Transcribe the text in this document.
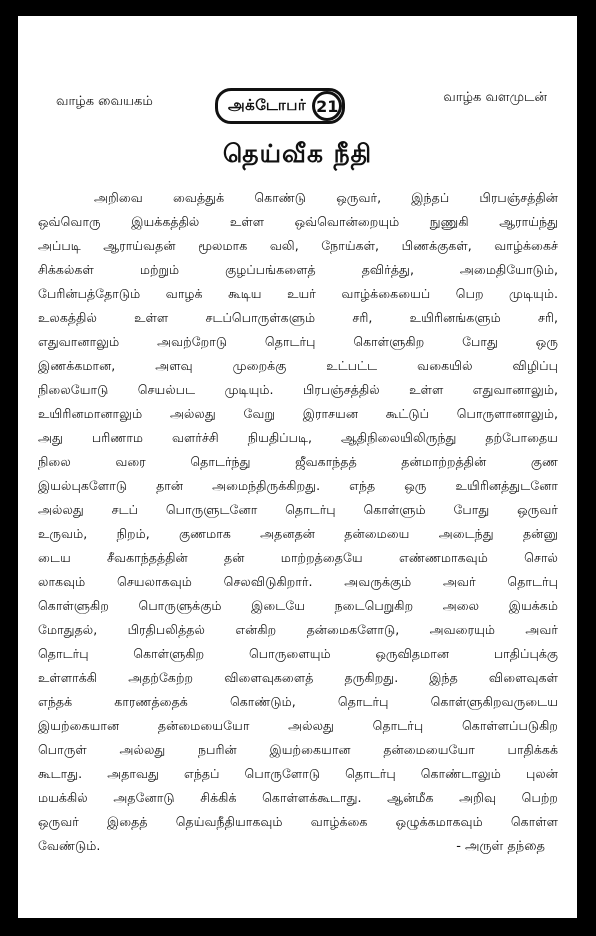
வாழ்க வையகம்	அக்டோபர் 21	வாழ்க வளமுடன்
தெய்வீக நீதி
அறிவை வைத்துக் கொண்டு ஒருவர், இந்தப் பிரபஞ்சத்தின்
ஒவ்வொரு இயக்கத்தில் உள்ள ஒவ்வொன்றையும் நுணுகி ஆராய்ந்து
அப்படி ஆராய்வதன் மூலமாக வலி, நோய்கள், பிணக்குகள், வாழ்க்கைச்
சிக்கல்கள் மற்றும் குழப்பங்களைத் தவிர்த்து, அமைதியோடும்,
பேரின்பத்தோடும் வாழக் கூடிய உயர் வாழ்க்கையைப் பெற முடியும்.
உலகத்தில் உள்ள சடப்பொருள்களும் சரி, உயிரினங்களும் சரி,
எதுவானாலும் அவற்றோடு தொடர்பு கொள்ளுகிற போது ஒரு
இணக்கமான, அளவு முறைக்கு உட்பட்ட வகையில் விழிப்பு
நிலையோடு செயல்பட முடியும். பிரபஞ்சத்தில் உள்ள எதுவானாலும்,
உயிரினமானாலும் அல்லது வேறு இராசயன கூட்டுப் பொருளானாலும்,
அது பரிணாம வளர்ச்சி நியதிப்படி, ஆதிநிலையிலிருந்து தற்போதைய
நிலை வரை தொடர்ந்து ஜீவகாந்தத் தன்மாற்றத்தின் குண
இயல்புகளோடு தான் அமைந்திருக்கிறது. எந்த ஒரு உயிரினத்துடனோ
அல்லது சடப் பொருளுடனோ தொடர்பு கொள்ளும் போது ஒருவர்
உருவம், நிறம், குணமாக அதனதன் தன்மையை அடைந்து தன்னு
டைய சீவகாந்தத்தின் தன் மாற்றத்தையே எண்ணமாகவும் சொல்
லாகவும் செயலாகவும் செலவிடுகிறார். அவருக்கும் அவர் தொடர்பு
கொள்ளுகிற பொருளுக்கும் இடையே நடைபெறுகிற அலை இயக்கம்
மோதுதல், பிரதிபலித்தல் என்கிற தன்மைகளோடு, அவரையும் அவர்
தொடர்பு கொள்ளுகிற பொருளையும் ஒருவிதமான பாதிப்புக்கு
உள்ளாக்கி அதற்கேற்ற விளைவுகளைத் தருகிறது. இந்த விளைவுகள்
எந்தக் காரணத்தைக் கொண்டும், தொடர்பு கொள்ளுகிறவருடைய
இயற்கையான தன்மையையோ அல்லது தொடர்பு கொள்ளப்படுகிற
பொருள் அல்லது நபரின் இயற்கையான தன்மையையோ பாதிக்கக்
கூடாது. அதாவது எந்தப் பொருளோடு தொடர்பு கொண்டாலும் புலன்
மயக்கில் அதனோடு சிக்கிக் கொள்ளக்கூடாது. ஆன்மீக அறிவு பெற்ற
ஒருவர் இதைத் தெய்வநீதியாகவும் வாழ்க்கை ஒழுக்கமாகவும் கொள்ள
வேண்டும்.	- அருள் தந்தை
